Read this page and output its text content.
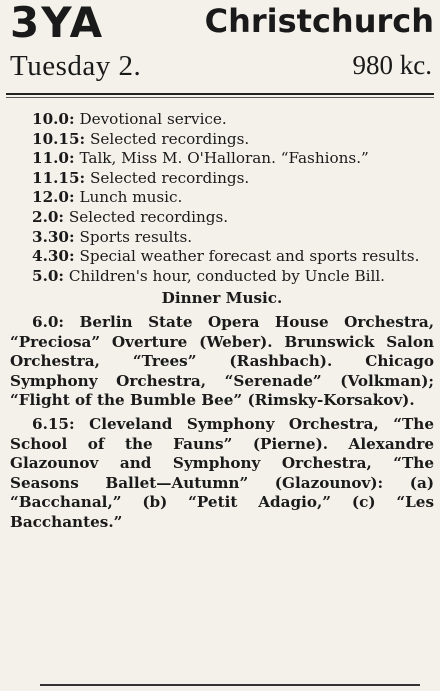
3YA	Christchurch
Tuesday 2.	980 kc.

10.0: Devotional service.

10.15: Selected recordings.

11.0: Talk, Miss M. O'Halloran. “Fashions.”

11.15: Selected recordings.

12.0: Lunch music.

2.0: Selected recordings.

3.30: Sports results.

4.30: Special weather forecast and sports results.

5.0: Children's hour, conducted by Uncle Bill.

Dinner Music.

6.0: Berlin State Opera House Orchestra, “Preciosa” Overture (Weber). Brunswick Salon Orchestra, “Trees” (Rashbach). Chicago Symphony Orchestra, “Serenade” (Volkman); “Flight of the Bumble Bee” (Rimsky-Korsakov).

6.15: Cleveland Symphony Orchestra, “The School of the Fauns” (Pierne). Alexandre Glazounov and Symphony Orchestra, “The Seasons Ballet—Autumn” (Glazounov): (a) “Bacchanal,” (b) “Petit Adagio,” (c) “Les Bacchantes.”
